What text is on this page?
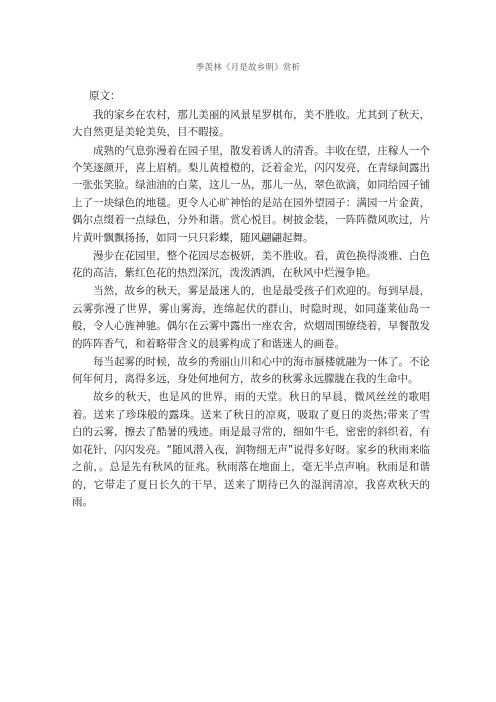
季羡林《月是故乡明》赏析
原文：

我的家乡在农村，那儿美丽的风景星罗棋布，美不胜收。尤其到了秋天，大自然更是美轮美奂，目不暇接。

成熟的气息弥漫着在园子里，散发着诱人的清香。丰收在望，庄稼人一个个笑逐颜开，喜上眉梢。梨儿黄橙橙的，泛着金光，闪闪发亮，在青绿间露出一张张笑脸。绿油油的白菜，这儿一丛，那儿一丛，翠色欲滴，如同给园子铺上了一块绿色的地毯。更令人心旷神怡的是站在园外望园子：满园一片金黄，偶尔点缀着一点绿色，分外和谐。赏心悦目。树披金装，一阵阵微风吹过，片片黄叶飘飘扬扬，如同一只只彩蝶，随风翩翩起舞。

漫步在花园里，整个花园尽态极妍，美不胜收。看，黄色换得淡雅、白色花的高洁，紫红色花的热烈深沉，泼泼洒洒，在秋风中烂漫争艳。

当然，故乡的秋天，雾是最迷人的，也是最受孩子们欢迎的。每到早晨，云雾弥漫了世界，雾山雾海，连绵起伏的群山，时隐时现，如同蓬莱仙岛一般，令人心旌神驰。偶尔在云雾中露出一座农舍，炊烟周围缭绕着，早餐散发的阵阵香气，和着略带含义的晨雾构成了和谐迷人的画卷。

每当起雾的时候，故乡的秀丽山川和心中的海市蜃楼就融为一体了。不论何年何月，离得多远，身处何地何方，故乡的秋雾永远朦胧在我的生命中。

故乡的秋天，也是风的世界，雨的天堂。秋日的早晨，微风丝丝的歌唱着。送来了珍珠般的露珠。送来了秋日的凉爽，吸取了夏日的炎热;带来了雪白的云雾，擦去了酷暑的残迹。雨是最寻常的，细如牛毛，密密的斜织着，有如花针，闪闪发亮。“随风潜入夜，润物细无声”说得多好呀。家乡的秋雨来临之前，。总是先有秋风的征兆。秋雨落在地面上，毫无半点声响。秋雨是和谐的，它带走了夏日长久的干旱，送来了期待已久的湿润清凉，我喜欢秋天的雨。
